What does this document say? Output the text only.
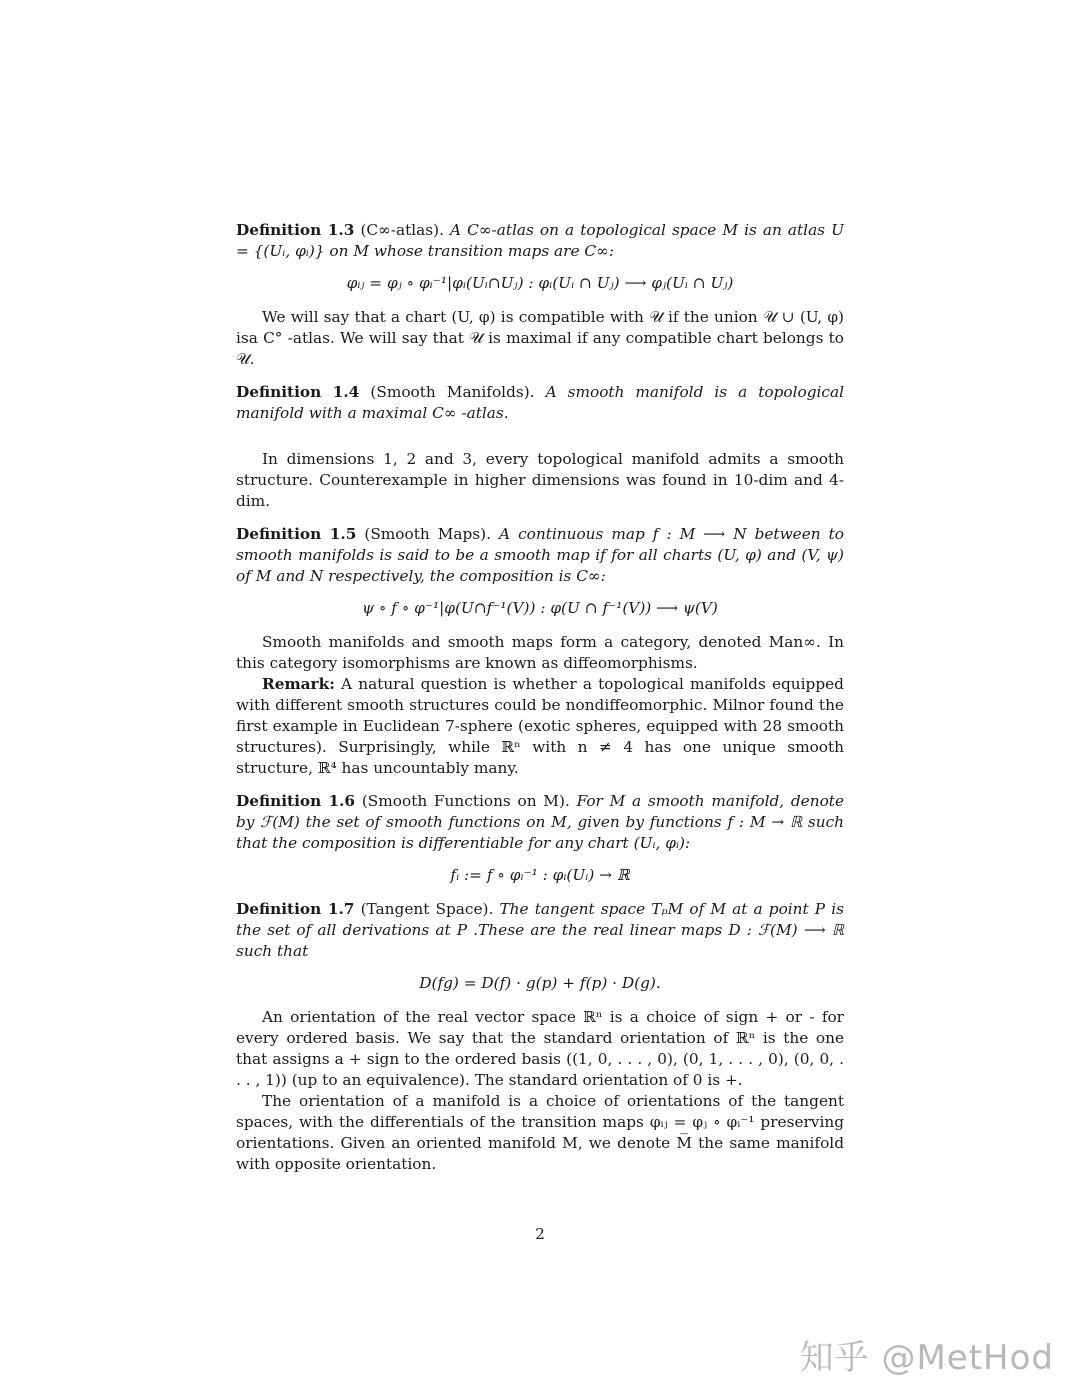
Definition 1.3 (C∞-atlas). A C∞-atlas on a topological space M is an atlas U = {(Uᵢ, φᵢ)} on M whose transition maps are C∞:
φᵢⱼ = φⱼ ∘ φᵢ⁻¹|φᵢ(Uᵢ∩Uⱼ) : φᵢ(Uᵢ ∩ Uⱼ) ⟶ φⱼ(Uᵢ ∩ Uⱼ)

We will say that a chart (U, φ) is compatible with 𝒰 if the union 𝒰 ∪ (U, φ) isa C° -atlas. We will say that 𝒰 is maximal if any compatible chart belongs to 𝒰.

Definition 1.4 (Smooth Manifolds). A smooth manifold is a topological manifold with a maximal C∞ -atlas.

In dimensions 1, 2 and 3, every topological manifold admits a smooth structure. Counterexample in higher dimensions was found in 10-dim and 4-dim.

Definition 1.5 (Smooth Maps). A continuous map f : M ⟶ N between to smooth manifolds is said to be a smooth map if for all charts (U, φ) and (V, ψ) of M and N respectively, the composition is C∞:
ψ ∘ f ∘ φ⁻¹|φ(U∩f⁻¹(V)) : φ(U ∩ f⁻¹(V)) ⟶ ψ(V)

Smooth manifolds and smooth maps form a category, denoted Man∞. In this category isomorphisms are known as diffeomorphisms.

Remark: A natural question is whether a topological manifolds equipped with different smooth structures could be nondiffeomorphic. Milnor found the first example in Euclidean 7-sphere (exotic spheres, equipped with 28 smooth structures). Surprisingly, while ℝⁿ with n ≠ 4 has one unique smooth structure, ℝ⁴ has uncountably many.

Definition 1.6 (Smooth Functions on M). For M a smooth manifold, denote by ℱ(M) the set of smooth functions on M, given by functions f : M → ℝ such that the composition is differentiable for any chart (Uᵢ, φᵢ):
fᵢ := f ∘ φᵢ⁻¹ : φᵢ(Uᵢ) → ℝ
Definition 1.7 (Tangent Space). The tangent space TₚM of M at a point P is the set of all derivations at P .These are the real linear maps D : ℱ(M) ⟶ ℝ such that
D(fg) = D(f) · g(p) + f(p) · D(g).

An orientation of the real vector space ℝⁿ is a choice of sign + or - for every ordered basis. We say that the standard orientation of ℝⁿ is the one that assigns a + sign to the ordered basis ((1, 0, . . . , 0), (0, 1, . . . , 0), (0, 0, . . . , 1)) (up to an equivalence). The standard orientation of 0 is +.

The orientation of a manifold is a choice of orientations of the tangent spaces, with the differentials of the transition maps φᵢⱼ = φⱼ ∘ φᵢ⁻¹ preserving orientations. Given an oriented manifold M, we denote M̅ the same manifold with opposite orientation.

2
知乎 @MetHod
